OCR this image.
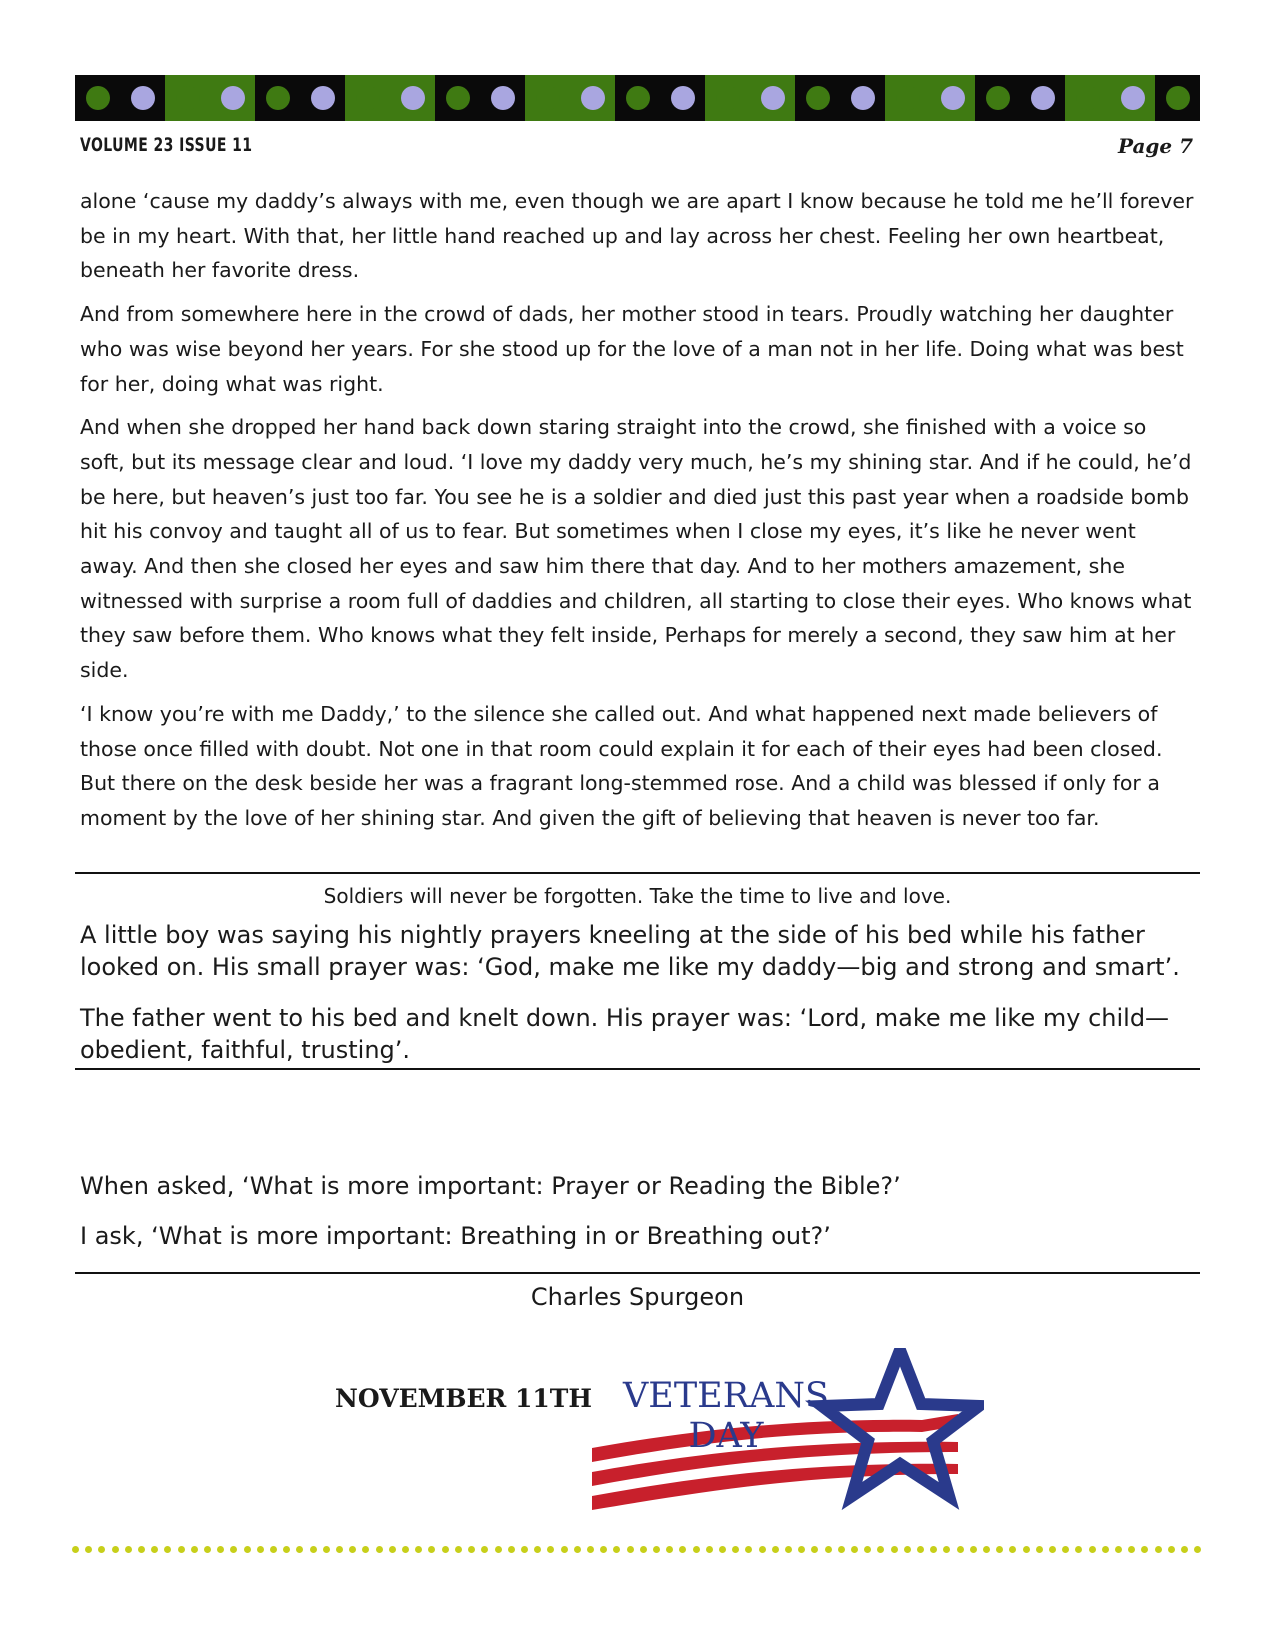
VOLUME 23 ISSUE 11	Page 7

alone ‘cause my daddy’s always with me, even though we are apart I know because he told me he’ll forever be in my heart. With that, her little hand reached up and lay across her chest. Feeling her own heartbeat, beneath her favorite dress.

And from somewhere here in the crowd of dads, her mother stood in tears. Proudly watching her daughter who was wise beyond her years. For she stood up for the love of a man not in her life. Doing what was best for her, doing what was right.

And when she dropped her hand back down staring straight into the crowd, she finished with a voice so soft, but its message clear and loud. ‘I love my daddy very much, he’s my shining star. And if he could, he’d be here, but heaven’s just too far. You see he is a soldier and died just this past year when a roadside bomb hit his convoy and taught all of us to fear. But sometimes when I close my eyes, it’s like he never went away. And then she closed her eyes and saw him there that day. And to her mothers amazement, she witnessed with surprise a room full of daddies and children, all starting to close their eyes. Who knows what they saw before them. Who knows what they felt inside, Perhaps for merely a second, they saw him at her side.

‘I know you’re with me Daddy,’ to the silence she called out. And what happened next made believers of those once filled with doubt. Not one in that room could explain it for each of their eyes had been closed. But there on the desk beside her was a fragrant long-stemmed rose. And a child was blessed if only for a moment by the love of her shining star. And given the gift of believing that heaven is never too far.

Soldiers will never be forgotten. Take the time to live and love.

A little boy was saying his nightly prayers kneeling at the side of his bed while his father looked on. His small prayer was: ‘God, make me like my daddy—big and strong and smart’.

The father went to his bed and knelt down. His prayer was: ‘Lord, make me like my child—obedient, faithful, trusting’.

When asked, ‘What is more important: Prayer or Reading the Bible?’

I ask, ‘What is more important: Breathing in or Breathing out?’

Charles Spurgeon
NOVEMBER 11TH VETERANS
DAY
